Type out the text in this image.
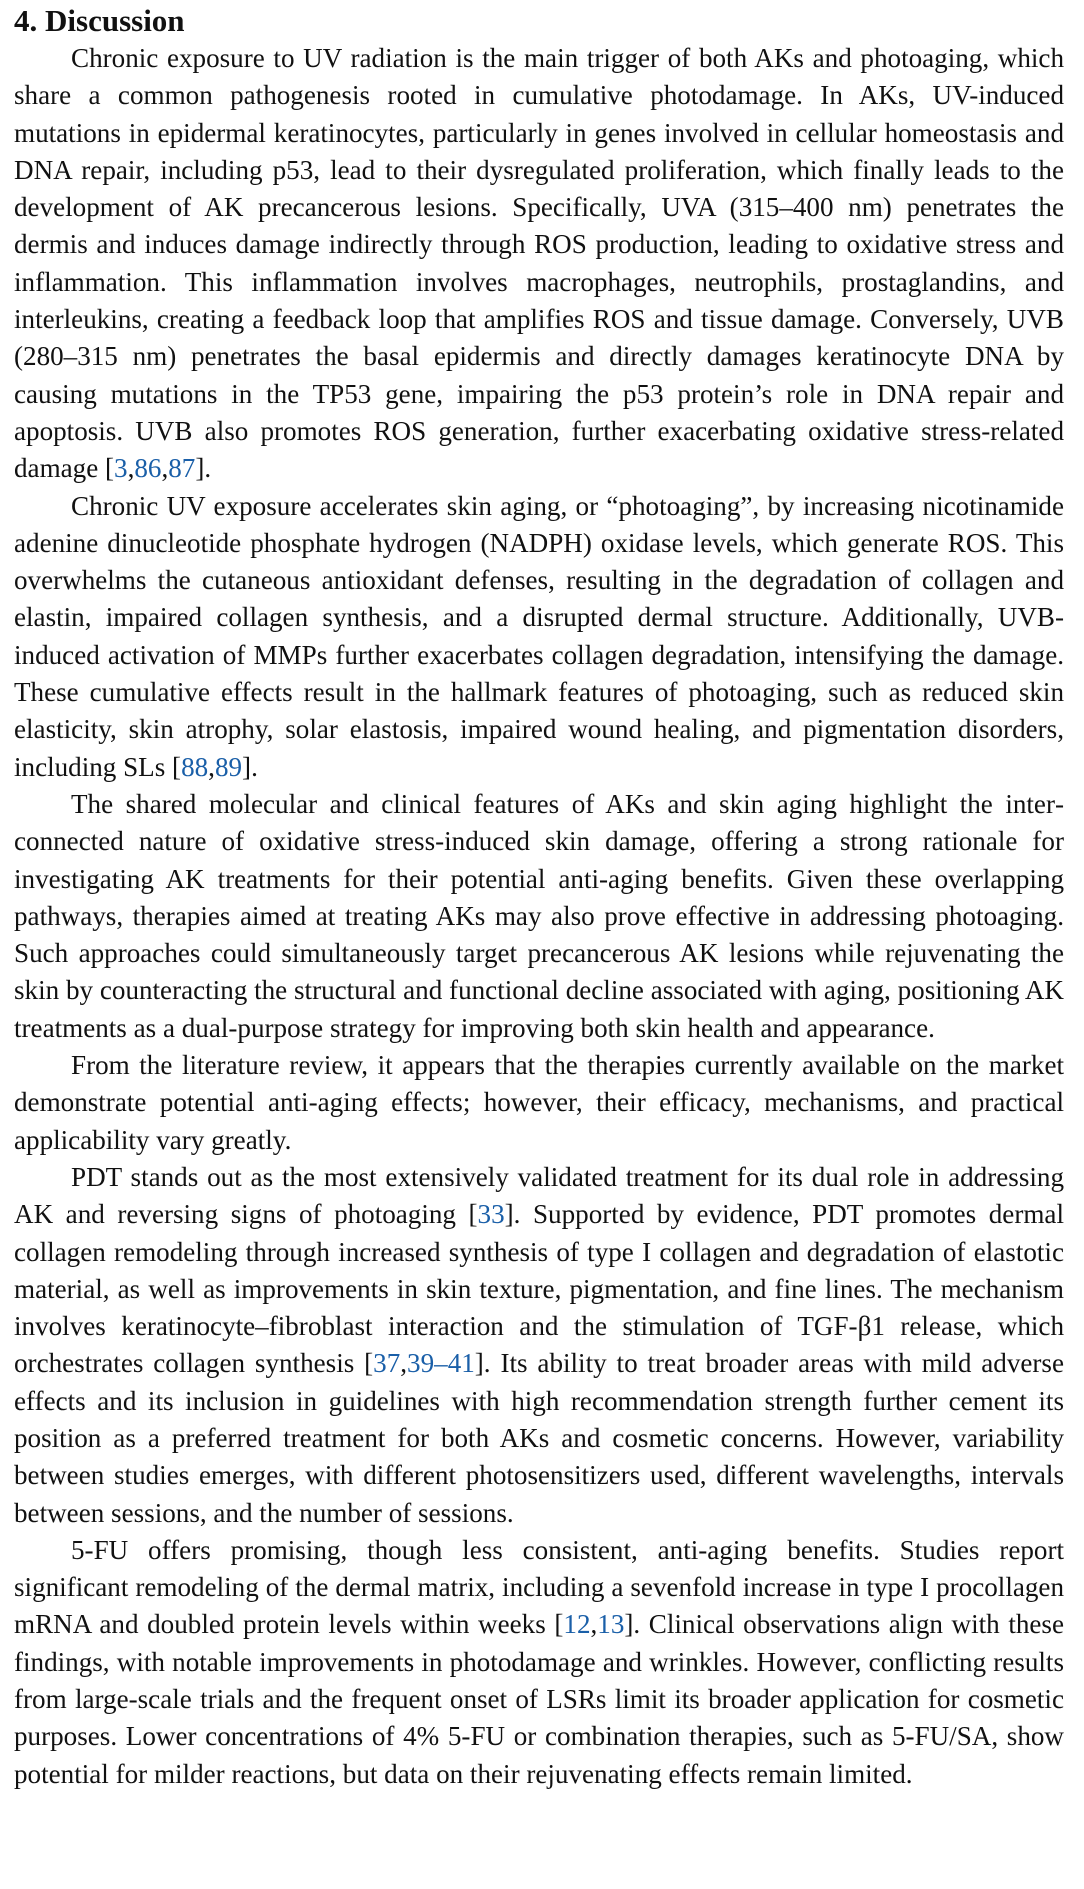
4. Discussion

Chronic exposure to UV radiation is the main trigger of both AKs and photoaging, which share a common pathogenesis rooted in cumulative photodamage. In AKs, UV-induced mutations in epidermal keratinocytes, particularly in genes involved in cellular homeostasis and DNA repair, including p53, lead to their dysregulated proliferation, which finally leads to the development of AK precancerous lesions. Specifically, UVA (315–400 nm) penetrates the dermis and induces damage indirectly through ROS production, leading to oxidative stress and inflammation. This inflammation involves macrophages, neutrophils, prostaglandins, and interleukins, creating a feedback loop that amplifies ROS and tissue damage. Conversely, UVB (280–315 nm) penetrates the basal epidermis and directly damages keratinocyte DNA by causing mutations in the TP53 gene, impairing the p53 protein’s role in DNA repair and apoptosis. UVB also promotes ROS generation, further exacerbating oxidative stress-related damage [3,86,87].

Chronic UV exposure accelerates skin aging, or “photoaging”, by increasing nicotinamide adenine dinucleotide phosphate hydrogen (NADPH) oxidase levels, which generate ROS. This overwhelms the cutaneous antioxidant defenses, resulting in the degradation of collagen and elastin, impaired collagen synthesis, and a disrupted dermal structure. Additionally, UVB-induced activation of MMPs further exacerbates collagen degradation, intensifying the damage. These cumulative effects result in the hallmark features of photoaging, such as reduced skin elasticity, skin atrophy, solar elastosis, impaired wound healing, and pigmentation disorders, including SLs [88,89].

The shared molecular and clinical features of AKs and skin aging highlight the interconnected nature of oxidative stress-induced skin damage, offering a strong rationale for investigating AK treatments for their potential anti-aging benefits. Given these overlapping pathways, therapies aimed at treating AKs may also prove effective in addressing photoaging. Such approaches could simultaneously target precancerous AK lesions while rejuvenating the skin by counteracting the structural and functional decline associated with aging, positioning AK treatments as a dual-purpose strategy for improving both skin health and appearance.

From the literature review, it appears that the therapies currently available on the market demonstrate potential anti-aging effects; however, their efficacy, mechanisms, and practical applicability vary greatly.

PDT stands out as the most extensively validated treatment for its dual role in addressing AK and reversing signs of photoaging [33]. Supported by evidence, PDT promotes dermal collagen remodeling through increased synthesis of type I collagen and degradation of elastotic material, as well as improvements in skin texture, pigmentation, and fine lines. The mechanism involves keratinocyte–fibroblast interaction and the stimulation of TGF-β1 release, which orchestrates collagen synthesis [37,39–41]. Its ability to treat broader areas with mild adverse effects and its inclusion in guidelines with high recommendation strength further cement its position as a preferred treatment for both AKs and cosmetic concerns. However, variability between studies emerges, with different photosensitizers used, different wavelengths, intervals between sessions, and the number of sessions.

5-FU offers promising, though less consistent, anti-aging benefits. Studies report significant remodeling of the dermal matrix, including a sevenfold increase in type I procollagen mRNA and doubled protein levels within weeks [12,13]. Clinical observations align with these findings, with notable improvements in photodamage and wrinkles. However, conflicting results from large-scale trials and the frequent onset of LSRs limit its broader application for cosmetic purposes. Lower concentrations of 4% 5-FU or combination therapies, such as 5-FU/SA, show potential for milder reactions, but data on their rejuvenating effects remain limited.
